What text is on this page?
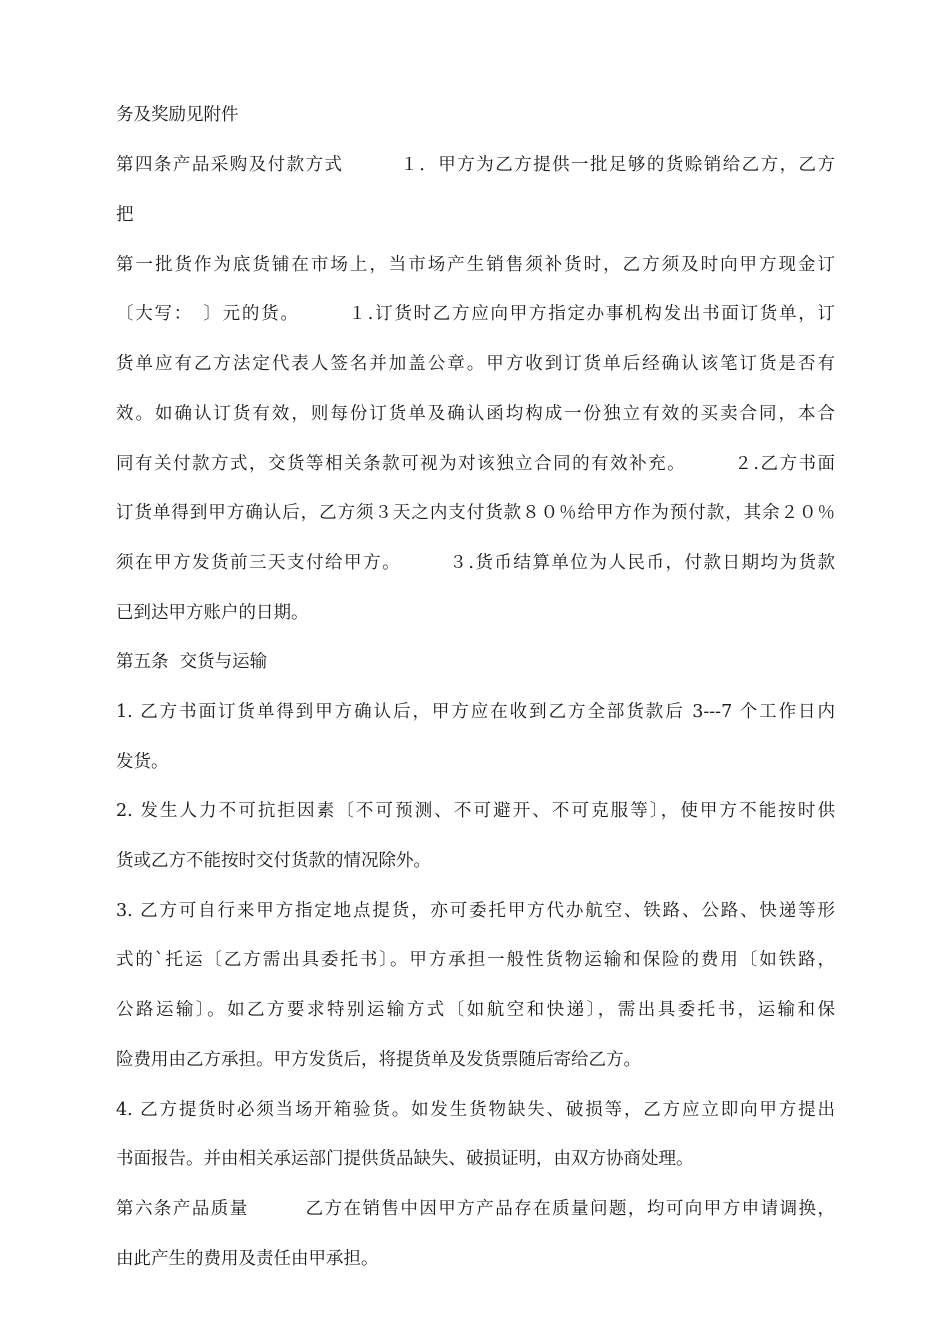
务及奖励见附件

第四条产品采购及付款方式　　　１．甲方为乙方提供一批足够的货赊销给乙方，乙方

把

第一批货作为底货铺在市场上，当市场产生销售须补货时，乙方须及时向甲方现金订

〔大写：　〕元的货。　　　１.订货时乙方应向甲方指定办事机构发出书面订货单，订

货单应有乙方法定代表人签名并加盖公章。甲方收到订货单后经确认该笔订货是否有

效。如确认订货有效，则每份订货单及确认函均构成一份独立有效的买卖合同，本合

同有关付款方式，交货等相关条款可视为对该独立合同的有效补充。　　　２.乙方书面

订货单得到甲方确认后，乙方须３天之内支付货款８０％给甲方作为预付款，其余２０％

须在甲方发货前三天支付给甲方。　　　３.货币结算单位为人民币，付款日期均为货款

已到达甲方账户的日期。

第五条  交货与运输

1. 乙方书面订货单得到甲方确认后，甲方应在收到乙方全部货款后 3---7 个工作日内

发货。

2. 发生人力不可抗拒因素〔不可预测、不可避开、不可克服等〕，使甲方不能按时供

货或乙方不能按时交付货款的情况除外。

3. 乙方可自行来甲方指定地点提货，亦可委托甲方代办航空、铁路、公路、快递等形

式的`托运〔乙方需出具委托书〕。甲方承担一般性货物运输和保险的费用〔如铁路，

公路运输〕。如乙方要求特别运输方式〔如航空和快递〕，需出具委托书，运输和保

险费用由乙方承担。甲方发货后，将提货单及发货票随后寄给乙方。

4. 乙方提货时必须当场开箱验货。如发生货物缺失、破损等，乙方应立即向甲方提出

书面报告。并由相关承运部门提供货品缺失、破损证明，由双方协商处理。

第六条产品质量　　　乙方在销售中因甲方产品存在质量问题，均可向甲方申请调换，

由此产生的费用及责任由甲承担。
